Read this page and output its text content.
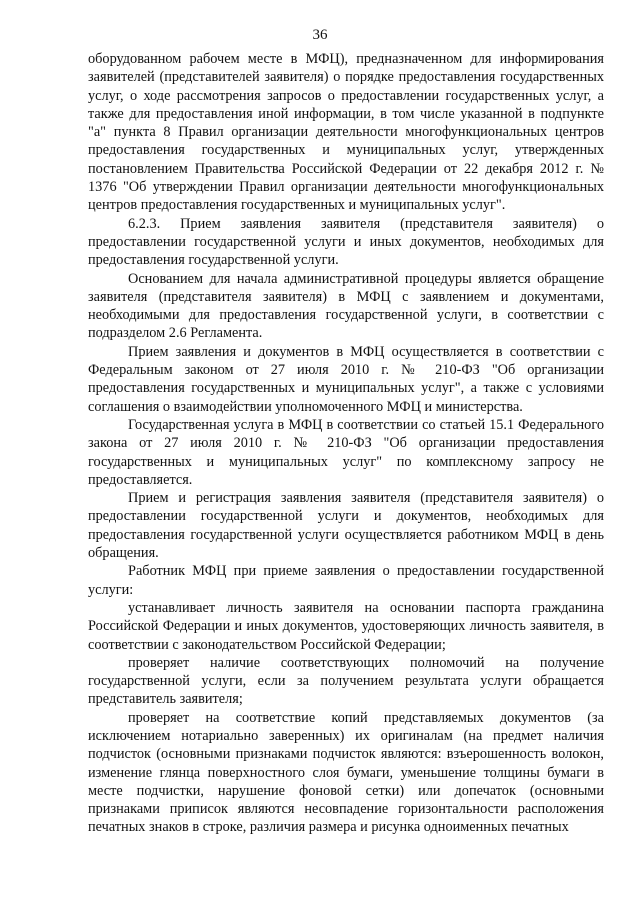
36

оборудованном рабочем месте в МФЦ), предназначенном для информирования заявителей (представителей заявителя) о порядке предоставления государственных услуг, о ходе рассмотрения запросов о предоставлении государственных услуг, а также для предоставления иной информации, в том числе указанной в подпункте "а" пункта 8 Правил организации деятельности многофункциональных центров предоставления государственных и муниципальных услуг, утвержденных постановлением Правительства Российской Федерации от 22 декабря 2012 г. № 1376 "Об утверждении Правил организации деятельности многофункциональных центров предоставления государственных и муниципальных услуг".

6.2.3. Прием заявления заявителя (представителя заявителя) о предоставлении государственной услуги и иных документов, необходимых для предоставления государственной услуги.

Основанием для начала административной процедуры является обращение заявителя (представителя заявителя) в МФЦ с заявлением и документами, необходимыми для предоставления государственной услуги, в соответствии с подразделом 2.6 Регламента.

Прием заявления и документов в МФЦ осуществляется в соответствии с Федеральным законом от 27 июля 2010 г. № 210-ФЗ "Об организации предоставления государственных и муниципальных услуг", а также с условиями соглашения о взаимодействии уполномоченного МФЦ и министерства.

Государственная услуга в МФЦ в соответствии со статьей 15.1 Федерального закона от 27 июля 2010 г. № 210-ФЗ "Об организации предоставления государственных и муниципальных услуг" по комплексному запросу не предоставляется.

Прием и регистрация заявления заявителя (представителя заявителя) о предоставлении государственной услуги и документов, необходимых для предоставления государственной услуги осуществляется работником МФЦ в день обращения.

Работник МФЦ при приеме заявления о предоставлении государственной услуги:

устанавливает личность заявителя на основании паспорта гражданина Российской Федерации и иных документов, удостоверяющих личность заявителя, в соответствии с законодательством Российской Федерации;

проверяет наличие соответствующих полномочий на получение государственной услуги, если за получением результата услуги обращается представитель заявителя;

проверяет на соответствие копий представляемых документов (за исключением нотариально заверенных) их оригиналам (на предмет наличия подчисток (основными признаками подчисток являются: взъерошенность волокон, изменение глянца поверхностного слоя бумаги, уменьшение толщины бумаги в месте подчистки, нарушение фоновой сетки) или допечаток (основными признаками приписок являются несовпадение горизонтальности расположения печатных знаков в строке, различия размера и рисунка одноименных печатных
